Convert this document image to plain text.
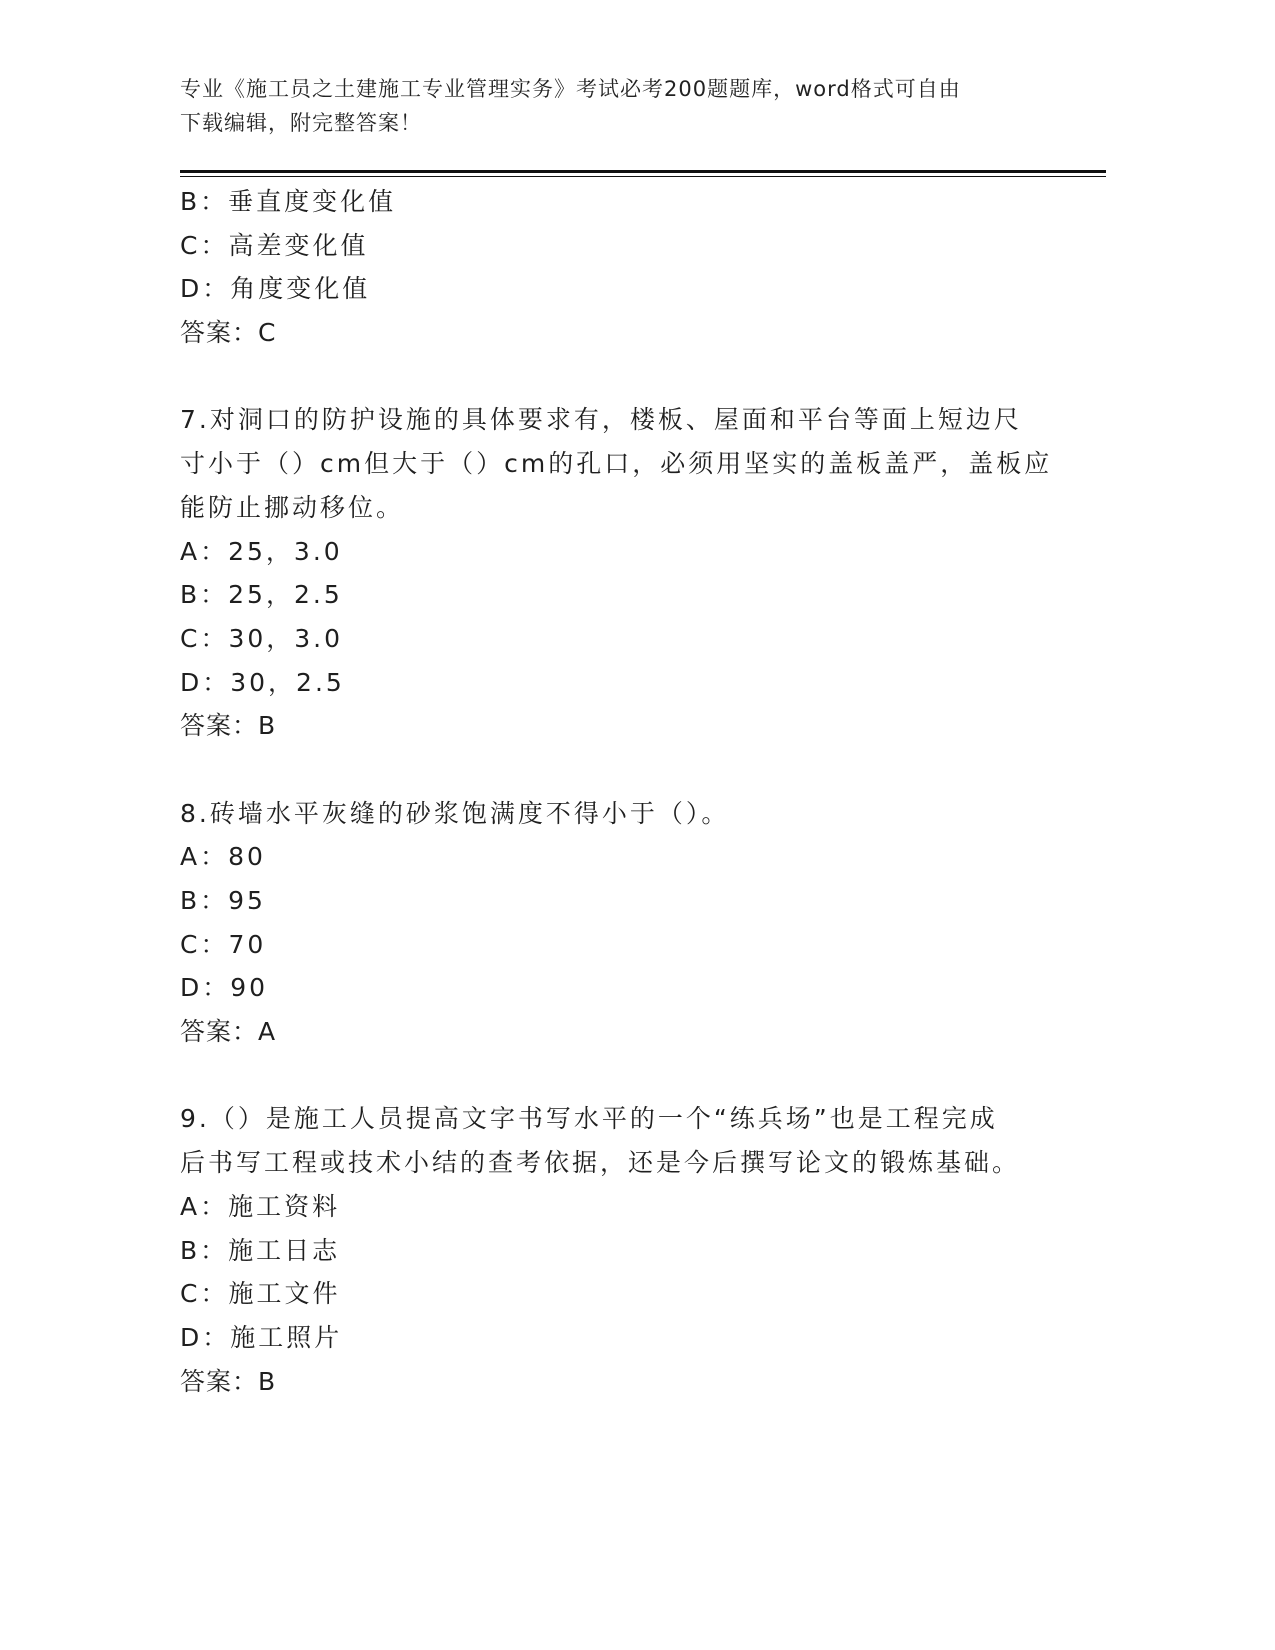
专业《施工员之土建施工专业管理实务》考试必考200题题库，word格式可自由
下载编辑，附完整答案！
B：垂直度变化值
C：高差变化值
D：角度变化值
答案：C
7.对洞口的防护设施的具体要求有，楼板、屋面和平台等面上短边尺
寸小于（）cm但大于（）cm的孔口，必须用坚实的盖板盖严，盖板应
能防止挪动移位。
A：25，3.0
B：25，2.5
C：30，3.0
D：30，2.5
答案：B
8.砖墙水平灰缝的砂浆饱满度不得小于（）。
A：80
B：95
C：70
D：90
答案：A
9.（）是施工人员提高文字书写水平的一个“练兵场”也是工程完成
后书写工程或技术小结的查考依据，还是今后撰写论文的锻炼基础。
A：施工资料
B：施工日志
C：施工文件
D：施工照片
答案：B
